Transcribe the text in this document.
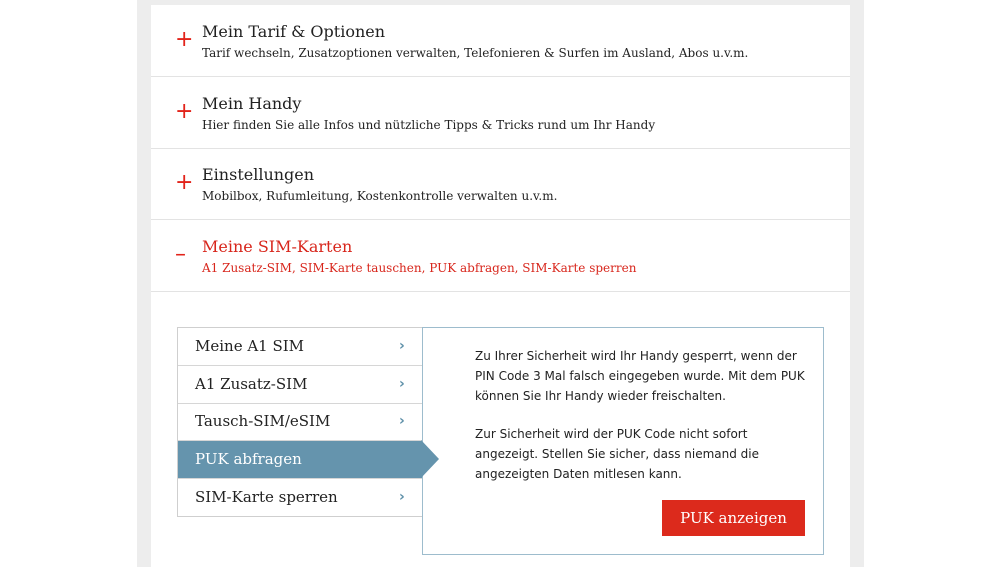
+ Mein Tarif & Optionen
Tarif wechseln, Zusatzoptionen verwalten, Telefonieren & Surfen im Ausland, Abos u.v.m.
+ Mein Handy
Hier finden Sie alle Infos und nützliche Tipps & Tricks rund um Ihr Handy
+ Einstellungen
Mobilbox, Rufumleitung, Kostenkontrolle verwalten u.v.m.
– Meine SIM-Karten
A1 Zusatz-SIM, SIM-Karte tauschen, PUK abfragen, SIM-Karte sperren
Meine A1 SIM	›
A1 Zusatz-SIM	›
Tausch-SIM/eSIM	›
PUK abfragen
SIM-Karte sperren	›

Zu Ihrer Sicherheit wird Ihr Handy gesperrt, wenn der PIN Code 3 Mal falsch eingegeben wurde. Mit dem PUK können Sie Ihr Handy wieder freischalten.

Zur Sicherheit wird der PUK Code nicht sofort angezeigt. Stellen Sie sicher, dass niemand die angezeigten Daten mitlesen kann.

PUK anzeigen
